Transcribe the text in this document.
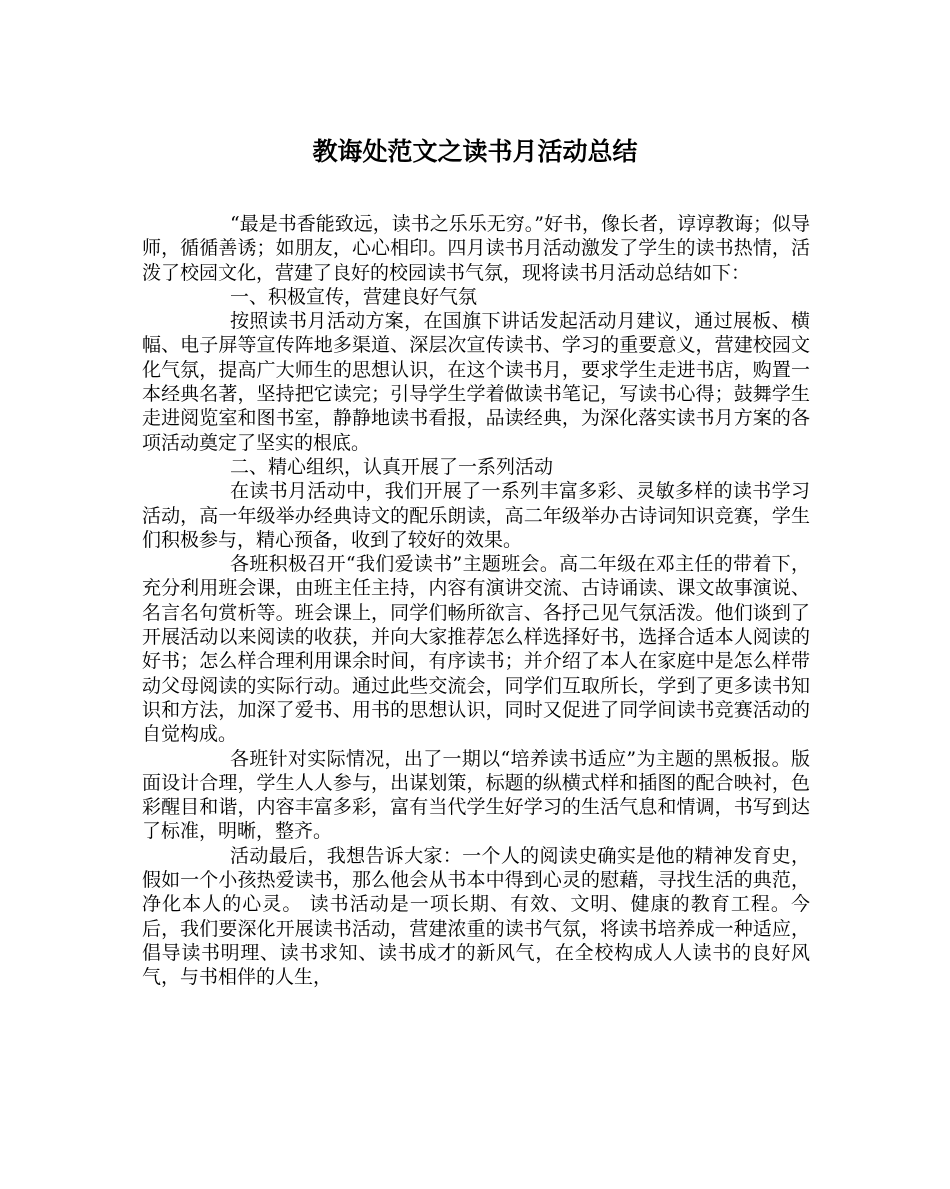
教诲处范文之读书月活动总结

“最是书香能致远，读书之乐乐无穷。”好书，像长者，谆谆教诲；似导师，循循善诱；如朋友，心心相印。四月读书月活动激发了学生的读书热情，活泼了校园文化，营建了良好的校园读书气氛，现将读书月活动总结如下：

一、积极宣传，营建良好气氛

按照读书月活动方案，在国旗下讲话发起活动月建议，通过展板、横幅、电子屏等宣传阵地多渠道、深层次宣传读书、学习的重要意义，营建校园文化气氛，提高广大师生的思想认识，在这个读书月，要求学生走进书店，购置一本经典名著，坚持把它读完；引导学生学着做读书笔记，写读书心得；鼓舞学生走进阅览室和图书室，静静地读书看报，品读经典，为深化落实读书月方案的各项活动奠定了坚实的根底。

二、精心组织，认真开展了一系列活动

在读书月活动中，我们开展了一系列丰富多彩、灵敏多样的读书学习活动，高一年级举办经典诗文的配乐朗读，高二年级举办古诗词知识竞赛，学生们积极参与，精心预备，收到了较好的效果。

各班积极召开“我们爱读书”主题班会。高二年级在邓主任的带着下，充分利用班会课，由班主任主持，内容有演讲交流、古诗诵读、课文故事演说、名言名句赏析等。班会课上，同学们畅所欲言、各抒己见气氛活泼。他们谈到了开展活动以来阅读的收获，并向大家推荐怎么样选择好书，选择合适本人阅读的好书；怎么样合理利用课余时间，有序读书；并介绍了本人在家庭中是怎么样带动父母阅读的实际行动。通过此些交流会，同学们互取所长，学到了更多读书知识和方法，加深了爱书、用书的思想认识，同时又促进了同学间读书竞赛活动的自觉构成。

各班针对实际情况，出了一期以“培养读书适应”为主题的黑板报。版面设计合理，学生人人参与，出谋划策，标题的纵横式样和插图的配合映衬，色彩醒目和谐，内容丰富多彩，富有当代学生好学习的生活气息和情调，书写到达了标准，明晰，整齐。

活动最后，我想告诉大家：一个人的阅读史确实是他的精神发育史，假如一个小孩热爱读书，那么他会从书本中得到心灵的慰藉，寻找生活的典范，净化本人的心灵。 读书活动是一项长期、有效、文明、健康的教育工程。今后，我们要深化开展读书活动，营建浓重的读书气氛，将读书培养成一种适应，倡导读书明理、读书求知、读书成才的新风气，在全校构成人人读书的良好风气，与书相伴的人生，
